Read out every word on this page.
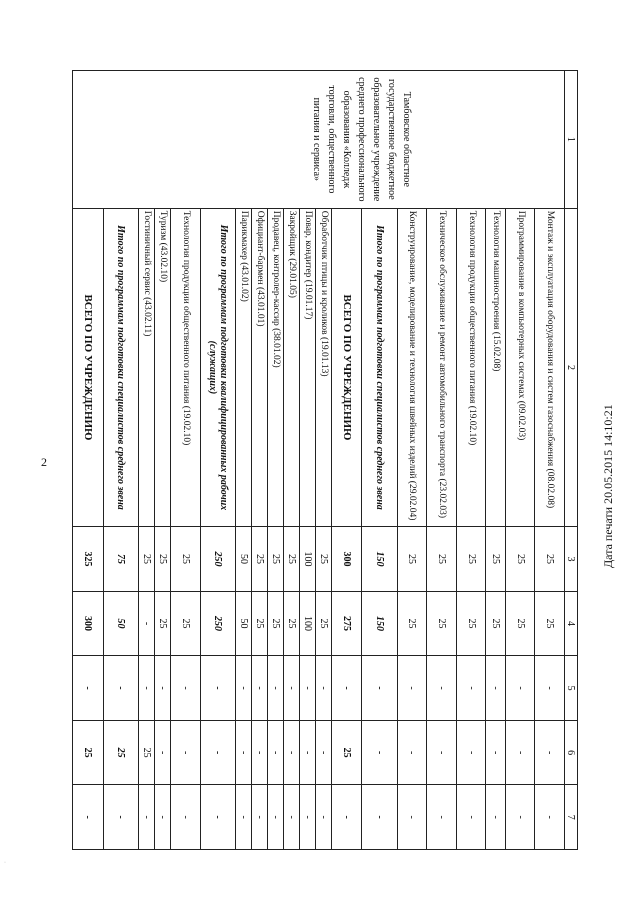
2
1	2	3	4	5	6	7
Тамбовское областное государственное бюджетное образовательное учреждение среднего профессионального образования «Колледж торговли, общественного питания и сервиса»	Монтаж и эксплуатация оборудования и систем газоснабжения (08.02.08)	25	25	-	-	-
	Программирование в компьютерных системах (09.02.03)	25	25	-	-	-
	Технология машиностроения (15.02.08)	25	25	-	-	-
	Технология продукции общественного питания (19.02.10)	25	25	-	-	-
	Техническое обслуживание и ремонт автомобильного транспорта (23.02.03)	25	25	-	-	-
	Конструирование, моделирование и технология швейных изделий (29.02.04)	25	25	-	-	-
	Итого по программам подготовки специалистов среднего звена	150	150	-	-	-
	ВСЕГО ПО УЧРЕЖДЕНИЮ	300	275	-	25	-
	Обработчик птицы и кроликов (19.01.13)	25	25	-	-	-
	Повар, кондитер (19.01.17)	100	100	-	-	-
	Закройщик (29.01.05)	25	25	-	-	-
	Продавец, контролер-кассир (38.01.02)	25	25	-	-	-
	Официант-бармен (43.01.01)	25	25	-	-	-
	Парикмахер (43.01.02)	50	50	-	-	-
	Итого по программам подготовки квалифицированных рабочих (служащих)	250	250	-	-	-
	Технология продукции общественного питания (19.02.10)	25	25	-	-	-
	Туризм (43.02.10)	25	25	-	-	-
	Гостиничный сервис (43.02.11)	25	-	-	25	-
	Итого по программам подготовки специалистов среднего звена	75	50	-	25	-
	ВСЕГО ПО УЧРЕЖДЕНИЮ	325	300	-	25	-
Дата печати 20.05.2015 14:10:21
·
